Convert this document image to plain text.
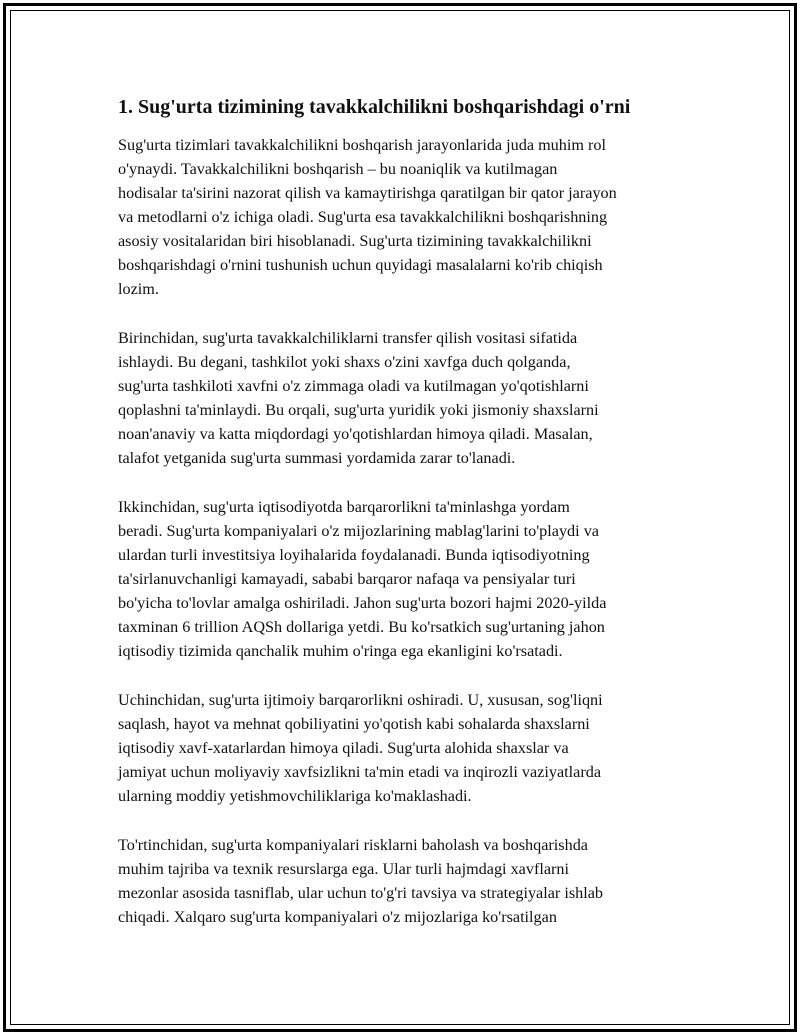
1. Sug'urta tizimining tavakkalchilikni boshqarishdagi o'rni
Sug'urta tizimlari tavakkalchilikni boshqarish jarayonlarida juda muhim rol
o'ynaydi. Tavakkalchilikni boshqarish – bu noaniqlik va kutilmagan
hodisalar ta'sirini nazorat qilish va kamaytirishga qaratilgan bir qator jarayon
va metodlarni o'z ichiga oladi. Sug'urta esa tavakkalchilikni boshqarishning
asosiy vositalaridan biri hisoblanadi. Sug'urta tizimining tavakkalchilikni
boshqarishdagi o'rnini tushunish uchun quyidagi masalalarni ko'rib chiqish
lozim.
Birinchidan, sug'urta tavakkalchiliklarni transfer qilish vositasi sifatida
ishlaydi. Bu degani, tashkilot yoki shaxs o'zini xavfga duch qolganda,
sug'urta tashkiloti xavfni o'z zimmaga oladi va kutilmagan yo'qotishlarni
qoplashni ta'minlaydi. Bu orqali, sug'urta yuridik yoki jismoniy shaxslarni
noan'anaviy va katta miqdordagi yo'qotishlardan himoya qiladi. Masalan,
talafot yetganida sug'urta summasi yordamida zarar to'lanadi.
Ikkinchidan, sug'urta iqtisodiyotda barqarorlikni ta'minlashga yordam
beradi. Sug'urta kompaniyalari o'z mijozlarining mablag'larini to'playdi va
ulardan turli investitsiya loyihalarida foydalanadi. Bunda iqtisodiyotning
ta'sirlanuvchanligi kamayadi, sababi barqaror nafaqa va pensiyalar turi
bo'yicha to'lovlar amalga oshiriladi. Jahon sug'urta bozori hajmi 2020-yilda
taxminan 6 trillion AQSh dollariga yetdi. Bu ko'rsatkich sug'urtaning jahon
iqtisodiy tizimida qanchalik muhim o'ringa ega ekanligini ko'rsatadi.
Uchinchidan, sug'urta ijtimoiy barqarorlikni oshiradi. U, xususan, sog'liqni
saqlash, hayot va mehnat qobiliyatini yo'qotish kabi sohalarda shaxslarni
iqtisodiy xavf-xatarlardan himoya qiladi. Sug'urta alohida shaxslar va
jamiyat uchun moliyaviy xavfsizlikni ta'min etadi va inqirozli vaziyatlarda
ularning moddiy yetishmovchiliklariga ko'maklashadi.
To'rtinchidan, sug'urta kompaniyalari risklarni baholash va boshqarishda
muhim tajriba va texnik resurslarga ega. Ular turli hajmdagi xavflarni
mezonlar asosida tasniflab, ular uchun to'g'ri tavsiya va strategiyalar ishlab
chiqadi. Xalqaro sug'urta kompaniyalari o'z mijozlariga ko'rsatilgan
